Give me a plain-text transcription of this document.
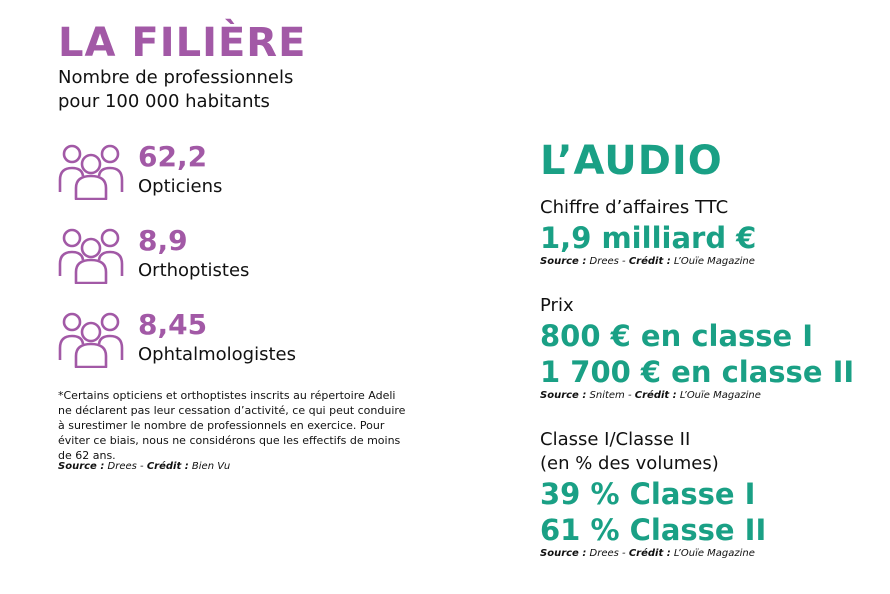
LA FILIÈRE

Nombre de professionnels

pour 100 000 habitants

62,2
Opticiens
8,9
Orthoptistes
8,45
Ophtalmologistes
*Certains opticiens et orthoptistes inscrits au répertoire Adeli ne déclarent pas leur cessation d’activité, ce qui peut conduire à surestimer le nombre de professionnels en exercice. Pour éviter ce biais, nous ne considérons que les effectifs de moins de 62 ans.
Source : Drees - Crédit : Bien Vu
L’AUDIO
Chiffre d’affaires TTC
1,9 milliard €
Source : Drees - Crédit : L’Ouïe Magazine
Prix
800 € en classe I
1 700 € en classe II
Source : Snitem - Crédit : L’Ouïe Magazine
Classe I/Classe II
(en % des volumes)
39 % Classe I
61 % Classe II
Source : Drees - Crédit : L’Ouïe Magazine
